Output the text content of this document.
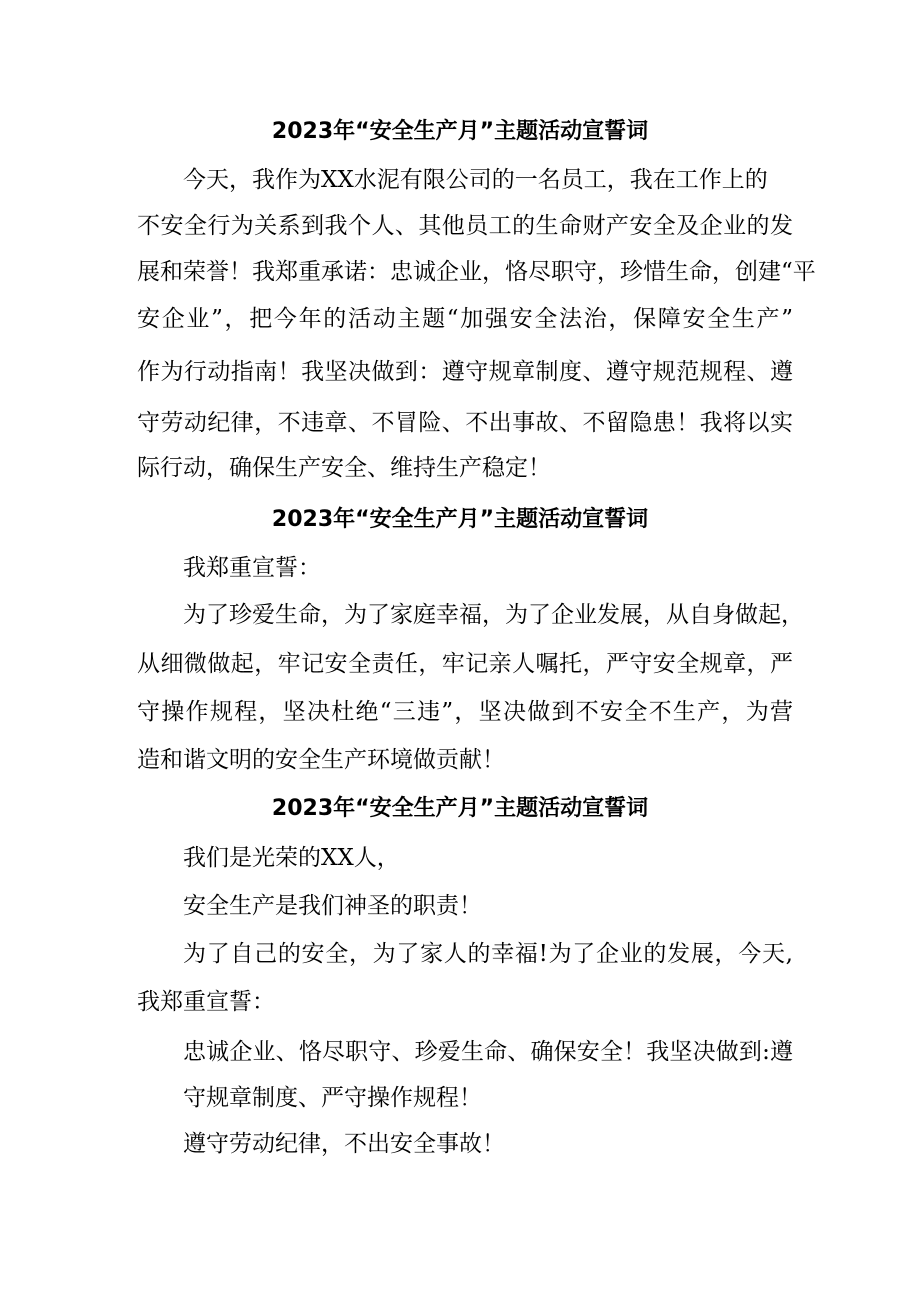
2023年“安全生产月”主题活动宣誓词
今天，我作为XX水泥有限公司的一名员工，我在工作上的
不安全行为关系到我个人、其他员工的生命财产安全及企业的发
展和荣誉！我郑重承诺：忠诚企业，恪尽职守，珍惜生命，创建“平
安企业”，把今年的活动主题“加强安全法治，保障安全生产”
作为行动指南！我坚决做到：遵守规章制度、遵守规范规程、遵
守劳动纪律，不违章、不冒险、不出事故、不留隐患！我将以实
际行动，确保生产安全、维持生产稳定！
2023年“安全生产月”主题活动宣誓词
我郑重宣誓：
为了珍爱生命，为了家庭幸福，为了企业发展，从自身做起，
从细微做起，牢记安全责任，牢记亲人嘱托，严守安全规章，严
守操作规程，坚决杜绝“三违”，坚决做到不安全不生产，为营
造和谐文明的安全生产环境做贡献！
2023年“安全生产月”主题活动宣誓词
我们是光荣的XX人，
安全生产是我们神圣的职责！
为了自己的安全，为了家人的幸福!为了企业的发展，今天,
我郑重宣誓：
忠诚企业、恪尽职守、珍爱生命、确保安全！我坚决做到:遵
守规章制度、严守操作规程！
遵守劳动纪律，不出安全事故！
